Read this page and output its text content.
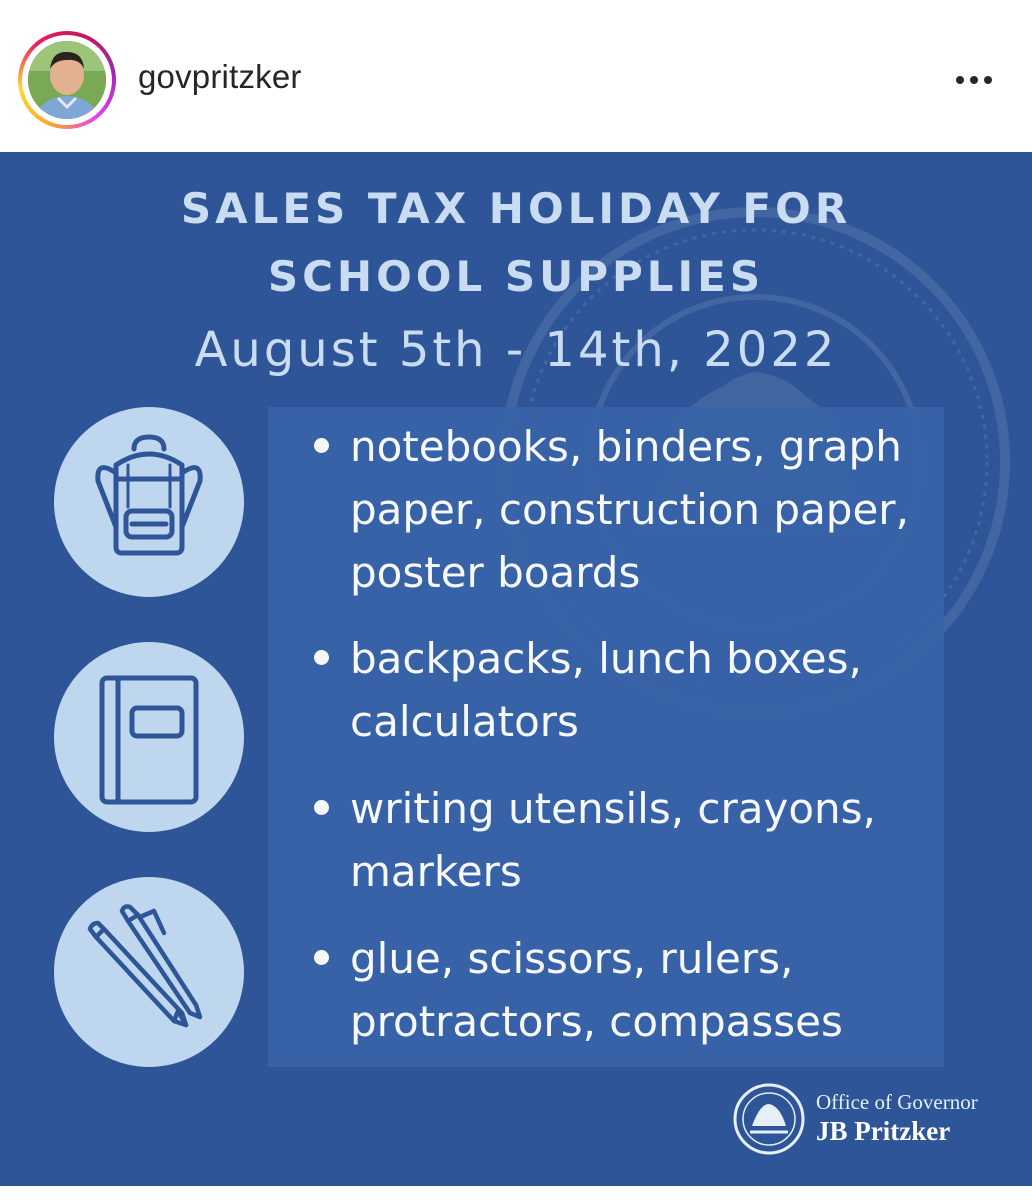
govpritzker
SALES TAX HOLIDAY FOR
SCHOOL SUPPLIES
August 5th - 14th, 2022
notebooks, binders, graph
paper, construction paper,
poster boards
backpacks, lunch boxes,
calculators
writing utensils, crayons,
markers
glue, scissors, rulers,
protractors, compasses
Office of Governor
JB Pritzker
